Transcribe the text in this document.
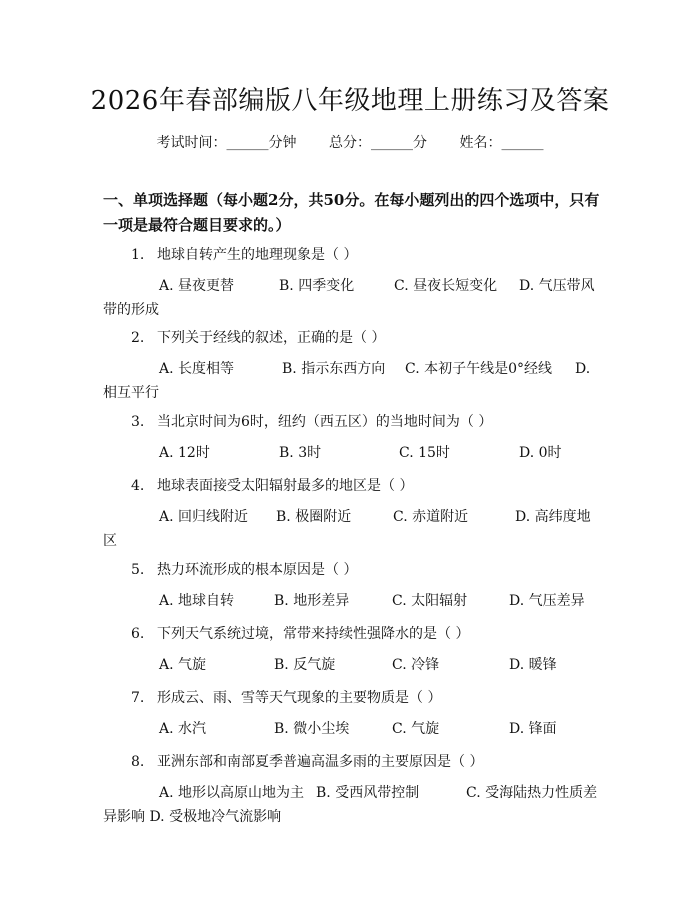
2026年春部编版八年级地理上册练习及答案
考试时间：______分钟 总分：______分 姓名：______
一、单项选择题（每小题2分，共50分。在每小题列出的四个选项中，只有一项是最符合题目要求的。）
1. 地球自转产生的地理现象是（ ）
2. 下列关于经线的叙述，正确的是（ ）
3. 当北京时间为6时，纽约（西五区）的当地时间为（ ）
A. 12时	B. 3时	C. 15时	D. 0时
4. 地球表面接受太阳辐射最多的地区是（ ）
5. 热力环流形成的根本原因是（ ）
A. 地球自转	B. 地形差异	C. 太阳辐射	D. 气压差异
6. 下列天气系统过境，常带来持续性强降水的是（ ）
A. 气旋	B. 反气旋	C. 冷锋	D. 暖锋
7. 形成云、雨、雪等天气现象的主要物质是（ ）
A. 水汽	B. 微小尘埃	C. 气旋	D. 锋面
8. 亚洲东部和南部夏季普遍高温多雨的主要原因是（ ）
A. 昼夜更替	B. 四季变化	C. 昼夜长短变化 D. 气压带风带的形成
A. 长度相等	B. 指示东西方向 C. 本初子午线是0°经线 D. 相互平行
A. 回归线附近 B. 极圈附近	C. 赤道附近	D. 高纬度地区
A. 地形以高原山地为主 B. 受西风带控制	C. 受海陆热力性质差异影响 D. 受极地冷气流影响
